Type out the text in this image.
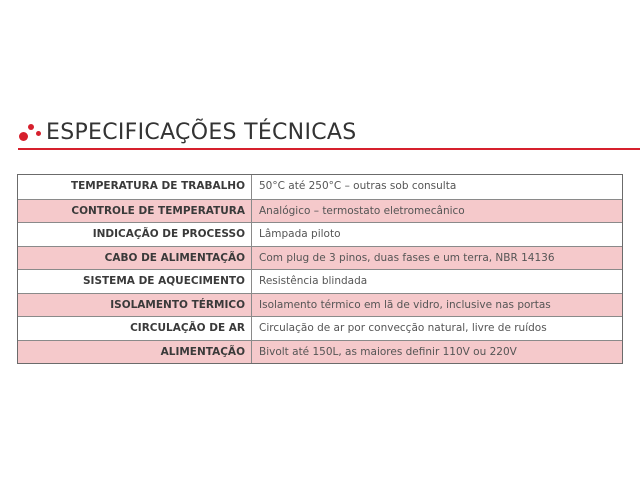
ESPECIFICAÇÕES TÉCNICAS
TEMPERATURA DE TRABALHO	50°C até 250°C – outras sob consulta
CONTROLE DE TEMPERATURA	Analógico – termostato eletromecânico
INDICAÇÃO DE PROCESSO	Lâmpada piloto
CABO DE ALIMENTAÇÃO	Com plug de 3 pinos, duas fases e um terra, NBR 14136
SISTEMA DE AQUECIMENTO	Resistência blindada
ISOLAMENTO TÉRMICO	Isolamento térmico em lã de vidro, inclusive nas portas
CIRCULAÇÃO DE AR	Circulação de ar por convecção natural, livre de ruídos
ALIMENTAÇÃO	Bivolt até 150L, as maiores definir 110V ou 220V
